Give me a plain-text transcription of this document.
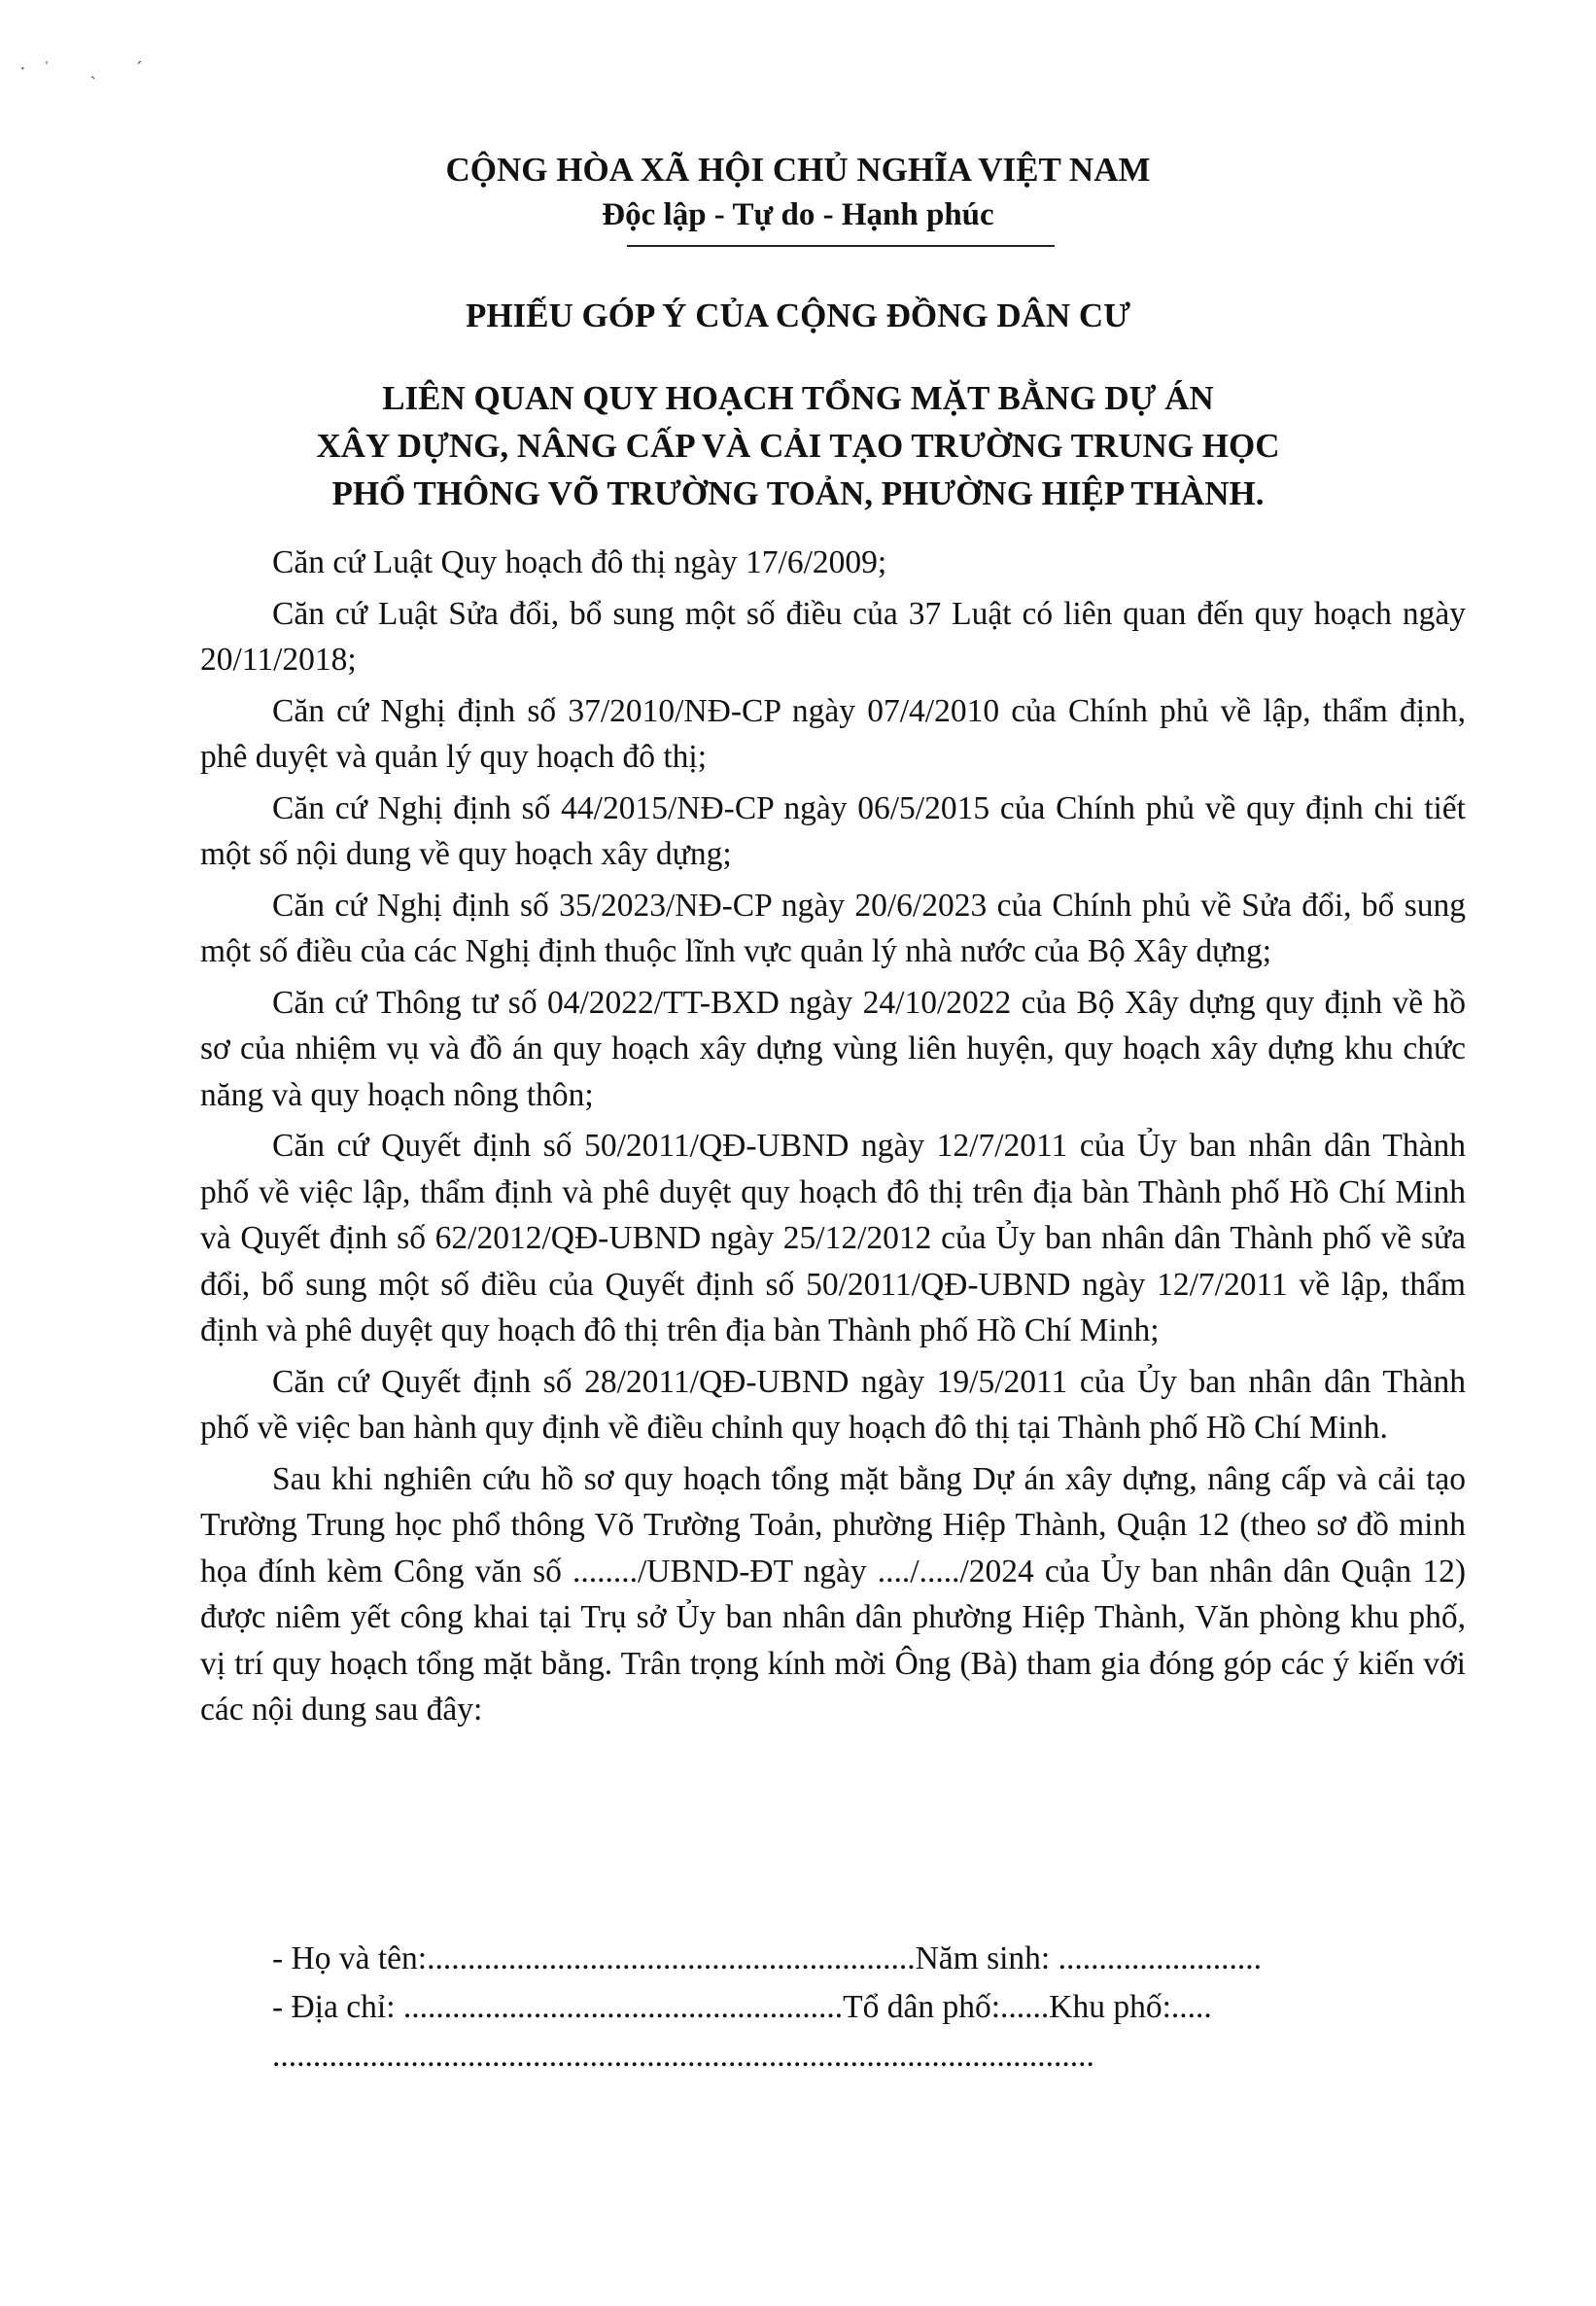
·ˈ ˏ ˊ
CỘNG HÒA XÃ HỘI CHỦ NGHĨA VIỆT NAM
Độc lập - Tự do - Hạnh phúc
PHIẾU GÓP Ý CỦA CỘNG ĐỒNG DÂN CƯ
LIÊN QUAN QUY HOẠCH TỔNG MẶT BẰNG DỰ ÁN
XÂY DỰNG, NÂNG CẤP VÀ CẢI TẠO TRƯỜNG TRUNG HỌC
PHỔ THÔNG VÕ TRƯỜNG TOẢN, PHƯỜNG HIỆP THÀNH.

Căn cứ Luật Quy hoạch đô thị ngày 17/6/2009;

Căn cứ Luật Sửa đổi, bổ sung một số điều của 37 Luật có liên quan đến quy hoạch ngày 20/11/2018;

Căn cứ Nghị định số 37/2010/NĐ-CP ngày 07/4/2010 của Chính phủ về lập, thẩm định, phê duyệt và quản lý quy hoạch đô thị;

Căn cứ Nghị định số 44/2015/NĐ-CP ngày 06/5/2015 của Chính phủ về quy định chi tiết một số nội dung về quy hoạch xây dựng;

Căn cứ Nghị định số 35/2023/NĐ-CP ngày 20/6/2023 của Chính phủ về Sửa đổi, bổ sung một số điều của các Nghị định thuộc lĩnh vực quản lý nhà nước của Bộ Xây dựng;

Căn cứ Thông tư số 04/2022/TT-BXD ngày 24/10/2022 của Bộ Xây dựng quy định về hồ sơ của nhiệm vụ và đồ án quy hoạch xây dựng vùng liên huyện, quy hoạch xây dựng khu chức năng và quy hoạch nông thôn;

Căn cứ Quyết định số 50/2011/QĐ-UBND ngày 12/7/2011 của Ủy ban nhân dân Thành phố về việc lập, thẩm định và phê duyệt quy hoạch đô thị trên địa bàn Thành phố Hồ Chí Minh và Quyết định số 62/2012/QĐ-UBND ngày 25/12/2012 của Ủy ban nhân dân Thành phố về sửa đổi, bổ sung một số điều của Quyết định số 50/2011/QĐ-UBND ngày 12/7/2011 về lập, thẩm định và phê duyệt quy hoạch đô thị trên địa bàn Thành phố Hồ Chí Minh;

Căn cứ Quyết định số 28/2011/QĐ-UBND ngày 19/5/2011 của Ủy ban nhân dân Thành phố về việc ban hành quy định về điều chỉnh quy hoạch đô thị tại Thành phố Hồ Chí Minh.

Sau khi nghiên cứu hồ sơ quy hoạch tổng mặt bằng Dự án xây dựng, nâng cấp và cải tạo Trường Trung học phổ thông Võ Trường Toản, phường Hiệp Thành, Quận 12 (theo sơ đồ minh họa đính kèm Công văn số ......../UBND-ĐT ngày ..../...../2024 của Ủy ban nhân dân Quận 12) được niêm yết công khai tại Trụ sở Ủy ban nhân dân phường Hiệp Thành, Văn phòng khu phố, vị trí quy hoạch tổng mặt bằng. Trân trọng kính mời Ông (Bà) tham gia đóng góp các ý kiến với các nội dung sau đây:

- Họ và tên:............................................................Năm sinh: .........................
- Địa chỉ: ......................................................Tổ dân phố:......Khu phố:.....
.....................................................................................................
